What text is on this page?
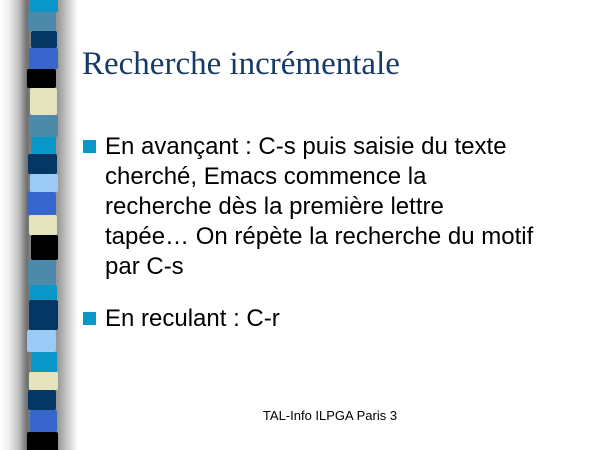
Recherche incrémentale
En avançant : C-s puis saisie du texte
cherché, Emacs commence la
recherche dès la première lettre
tapée… On répète la recherche du motif
par C-s
En reculant : C-r
TAL-Info ILPGA Paris 3
